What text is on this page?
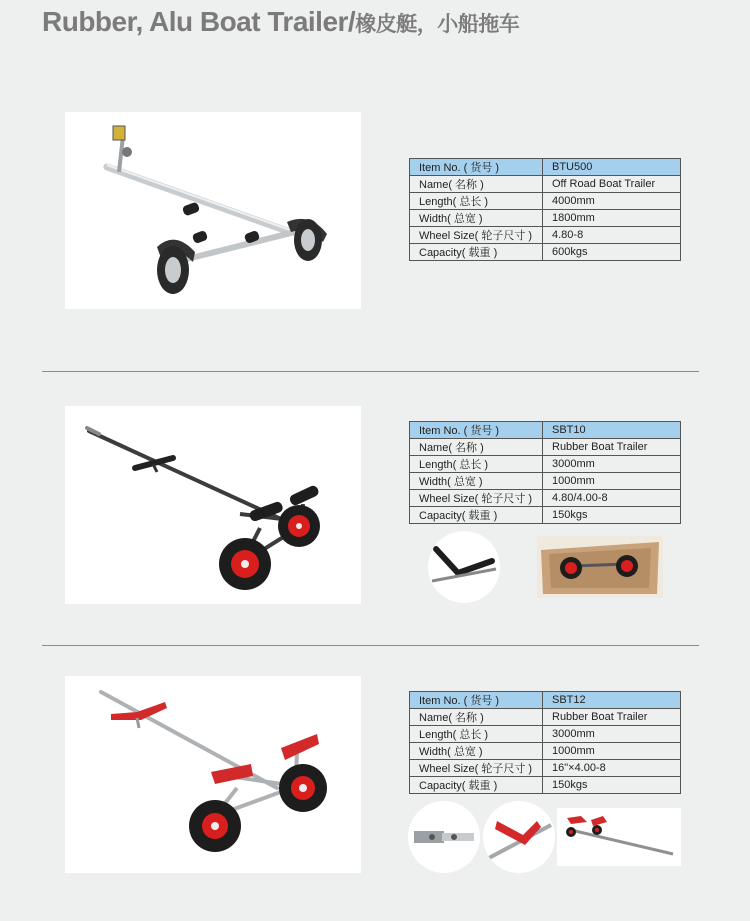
Rubber, Alu Boat Trailer/橡皮艇，小船拖车
Item No. ( 货号 )	BTU500
Name( 名称 )	Off Road Boat Trailer
Length( 总长 )	4000mm
Width( 总宽 )	1800mm
Wheel Size( 轮子尺寸 )	4.80-8
Capacity( 载重 )	600kgs
Item No. ( 货号 )	SBT10
Name( 名称 )	Rubber Boat Trailer
Length( 总长 )	3000mm
Width( 总宽 )	1000mm
Wheel Size( 轮子尺寸 )	4.80/4.00-8
Capacity( 载重 )	150kgs
Item No. ( 货号 )	SBT12
Name( 名称 )	Rubber Boat Trailer
Length( 总长 )	3000mm
Width( 总宽 )	1000mm
Wheel Size( 轮子尺寸 )	16"×4.00-8
Capacity( 载重 )	150kgs
